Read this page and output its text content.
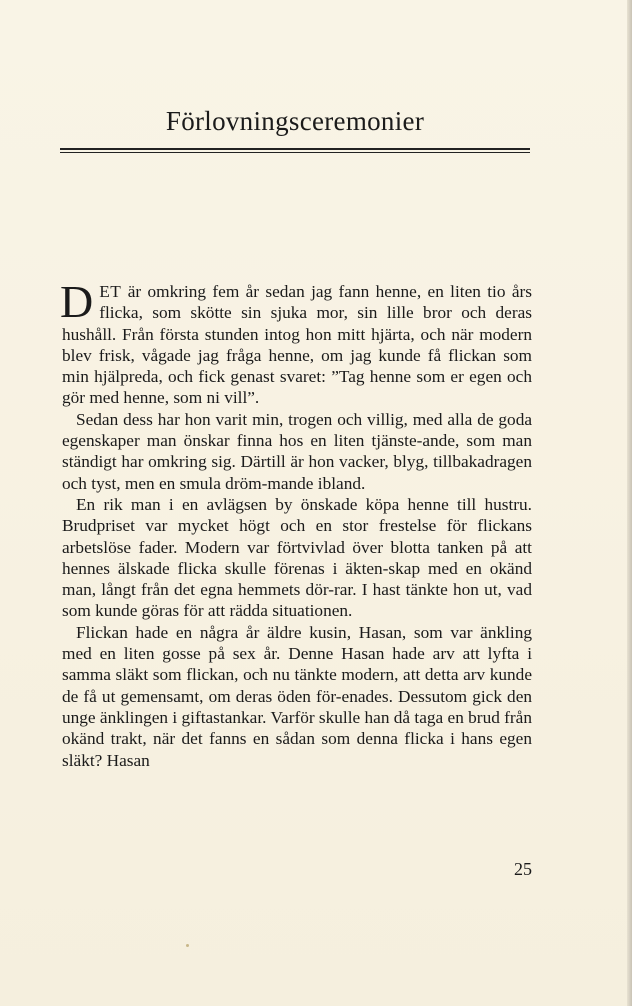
Förlovningsceremonier

DET är omkring fem år sedan jag fann henne, en liten tio års flicka, som skötte sin sjuka mor, sin lille bror och deras hushåll. Från första stunden intog hon mitt hjärta, och när modern blev frisk, vågade jag fråga henne, om jag kunde få flickan som min hjälpreda, och fick genast svaret: ”Tag henne som er egen och gör med henne, som ni vill”.

Sedan dess har hon varit min, trogen och villig, med alla de goda egenskaper man önskar finna hos en liten tjänste-ande, som man ständigt har omkring sig. Därtill är hon vacker, blyg, tillbakadragen och tyst, men en smula dröm-mande ibland.

En rik man i en avlägsen by önskade köpa henne till hustru. Brudpriset var mycket högt och en stor frestelse för flickans arbetslöse fader. Modern var förtvivlad över blotta tanken på att hennes älskade flicka skulle förenas i äkten-skap med en okänd man, långt från det egna hemmets dör-rar. I hast tänkte hon ut, vad som kunde göras för att rädda situationen.

Flickan hade en några år äldre kusin, Hasan, som var änkling med en liten gosse på sex år. Denne Hasan hade arv att lyfta i samma släkt som flickan, och nu tänkte modern, att detta arv kunde de få ut gemensamt, om deras öden för-enades. Dessutom gick den unge änklingen i giftastankar. Varför skulle han då taga en brud från okänd trakt, när det fanns en sådan som denna flicka i hans egen släkt? Hasan

25
